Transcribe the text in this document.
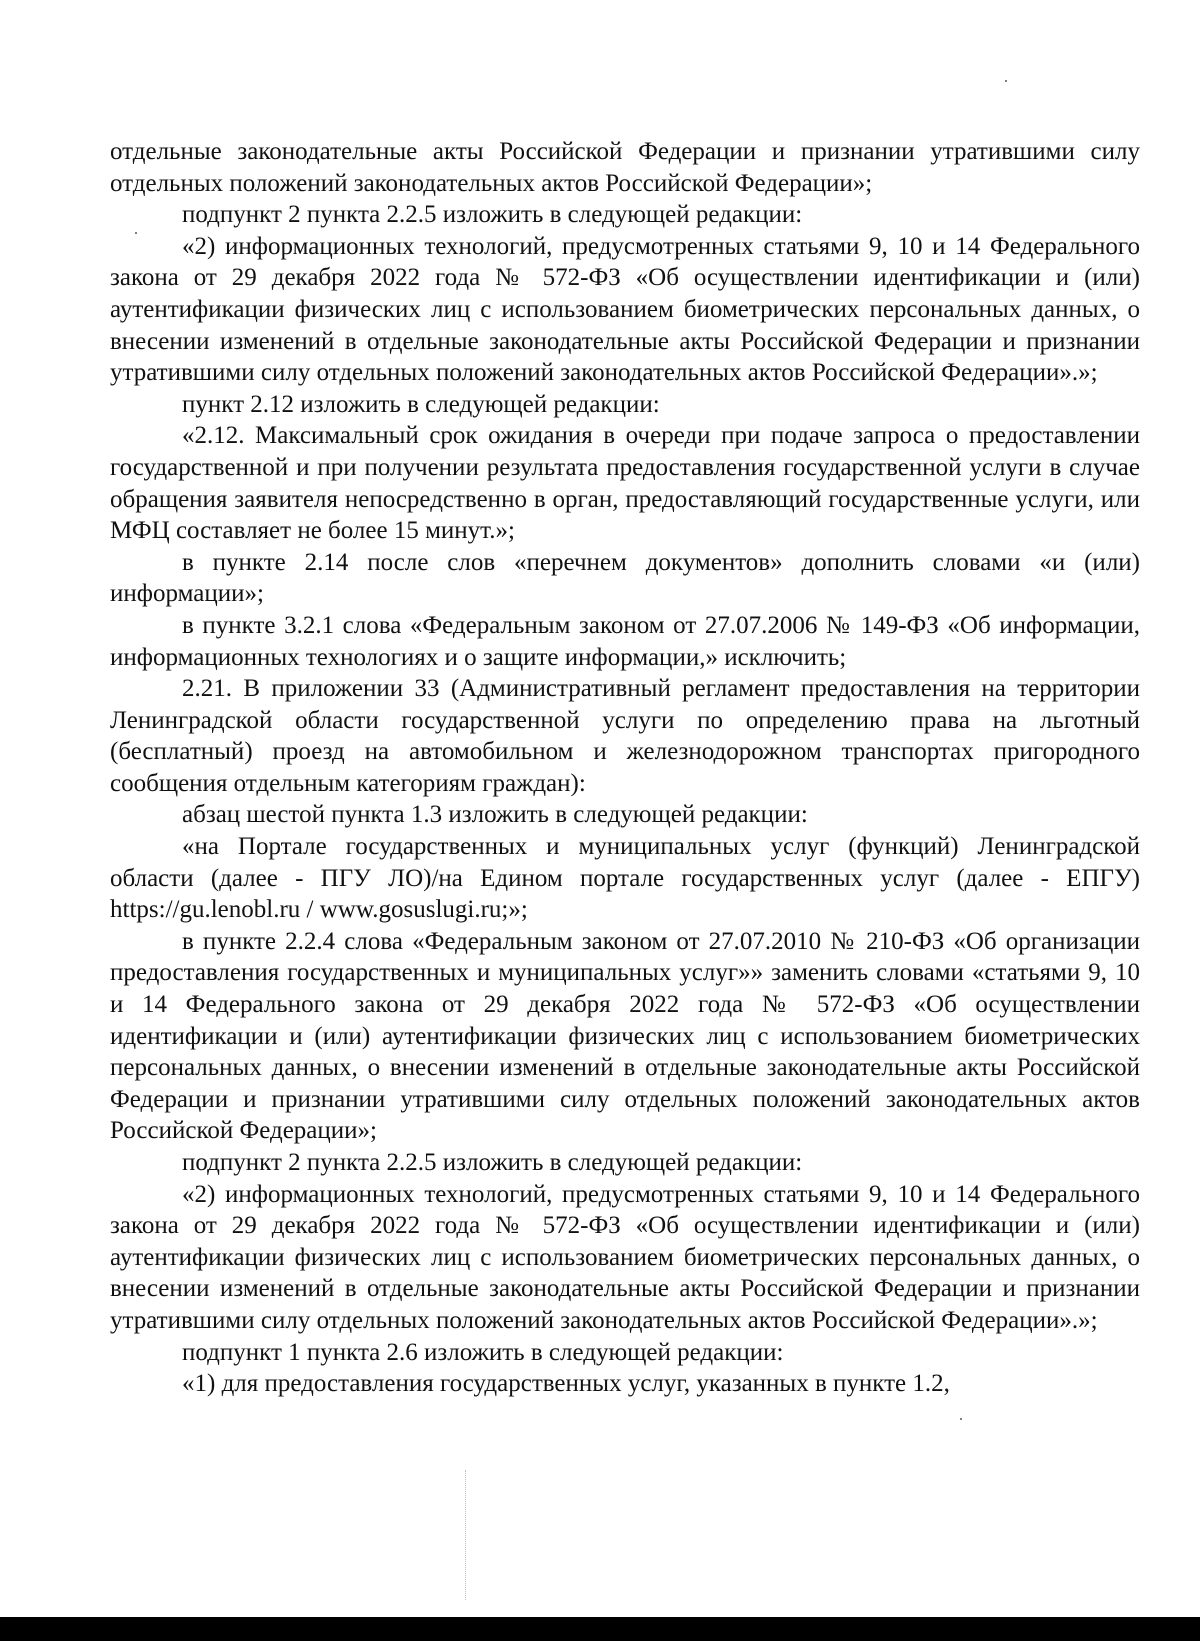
отдельные законодательные акты Российской Федерации и признании утратившими силу отдельных положений законодательных актов Российской Федерации»;

подпункт 2 пункта 2.2.5 изложить в следующей редакции:

«2) информационных технологий, предусмотренных статьями 9, 10 и 14 Федерального закона от 29 декабря 2022 года № 572-ФЗ «Об осуществлении идентификации и (или) аутентификации физических лиц с использованием биометрических персональных данных, о внесении изменений в отдельные законодательные акты Российской Федерации и признании утратившими силу отдельных положений законодательных актов Российской Федерации».»;

пункт 2.12 изложить в следующей редакции:

«2.12. Максимальный срок ожидания в очереди при подаче запроса о предоставлении государственной и при получении результата предоставления государственной услуги в случае обращения заявителя непосредственно в орган, предоставляющий государственные услуги, или МФЦ составляет не более 15 минут.»;

в пункте 2.14 после слов «перечнем документов» дополнить словами «и (или) информации»;

в пункте 3.2.1 слова «Федеральным законом от 27.07.2006 № 149-ФЗ «Об информации, информационных технологиях и о защите информации,» исключить;

2.21. В приложении 33 (Административный регламент предоставления на территории Ленинградской области государственной услуги по определению права на льготный (бесплатный) проезд на автомобильном и железнодорожном транспортах пригородного сообщения отдельным категориям граждан):

абзац шестой пункта 1.3 изложить в следующей редакции:

«на Портале государственных и муниципальных услуг (функций) Ленинградской области (далее - ПГУ ЛО)/на Едином портале государственных услуг (далее - ЕПГУ) https://gu.lenobl.ru / www.gosuslugi.ru;»;

в пункте 2.2.4 слова «Федеральным законом от 27.07.2010 № 210-ФЗ «Об организации предоставления государственных и муниципальных услуг»» заменить словами «статьями 9, 10 и 14 Федерального закона от 29 декабря 2022 года № 572-ФЗ «Об осуществлении идентификации и (или) аутентификации физических лиц с использованием биометрических персональных данных, о внесении изменений в отдельные законодательные акты Российской Федерации и признании утратившими силу отдельных положений законодательных актов Российской Федерации»;

подпункт 2 пункта 2.2.5 изложить в следующей редакции:

«2) информационных технологий, предусмотренных статьями 9, 10 и 14 Федерального закона от 29 декабря 2022 года № 572-ФЗ «Об осуществлении идентификации и (или) аутентификации физических лиц с использованием биометрических персональных данных, о внесении изменений в отдельные законодательные акты Российской Федерации и признании утратившими силу отдельных положений законодательных актов Российской Федерации».»;

подпункт 1 пункта 2.6 изложить в следующей редакции:

«1) для предоставления государственных услуг, указанных в пункте 1.2,
